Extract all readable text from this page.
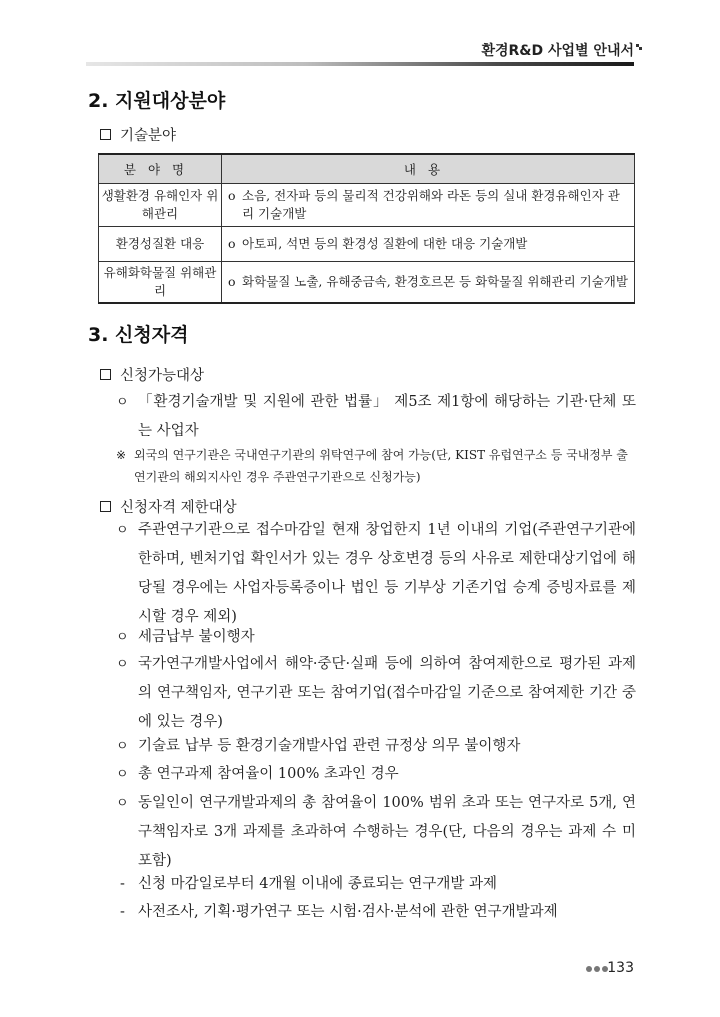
환경R&D 사업별 안내서
2. 지원대상분야
기술분야
분야명	내용
생활환경 유해인자 위해관리	o 소음, 전자파 등의 물리적 건강위해와 라돈 등의 실내 환경유해인자 관리 기술개발

환경성질환 대응	o 아토피, 석면 등의 환경성 질환에 대한 대응 기술개발

유해화학물질 위해관리	o 화학물질 노출, 유해중금속, 환경호르몬 등 화학물질 위해관리 기술개발
3. 신청자격
신청가능대상
ㅇ 「환경기술개발 및 지원에 관한 법률」 제5조 제1항에 해당하는 기관·단체 또는 사업자
※ 외국의 연구기관은 국내연구기관의 위탁연구에 참여 가능(단, KIST 유럽연구소 등 국내정부 출연기관의 해외지사인 경우 주관연구기관으로 신청가능)
신청자격 제한대상
ㅇ 주관연구기관으로 접수마감일 현재 창업한지 1년 이내의 기업(주관연구기관에 한하며, 벤처기업 확인서가 있는 경우 상호변경 등의 사유로 제한대상기업에 해당될 경우에는 사업자등록증이나 법인 등 기부상 기존기업 승계 증빙자료를 제시할 경우 제외)
ㅇ 세금납부 불이행자
ㅇ 국가연구개발사업에서 해약·중단·실패 등에 의하여 참여제한으로 평가된 과제의 연구책임자, 연구기관 또는 참여기업(접수마감일 기준으로 참여제한 기간 중에 있는 경우)
ㅇ 기술료 납부 등 환경기술개발사업 관련 규정상 의무 불이행자
ㅇ 총 연구과제 참여율이 100% 초과인 경우
ㅇ 동일인이 연구개발과제의 총 참여율이 100% 범위 초과 또는 연구자로 5개, 연구책임자로 3개 과제를 초과하여 수행하는 경우(단, 다음의 경우는 과제 수 미포함)
- 신청 마감일로부터 4개월 이내에 종료되는 연구개발 과제
- 사전조사, 기획·평가연구 또는 시험·검사·분석에 관한 연구개발과제
133
